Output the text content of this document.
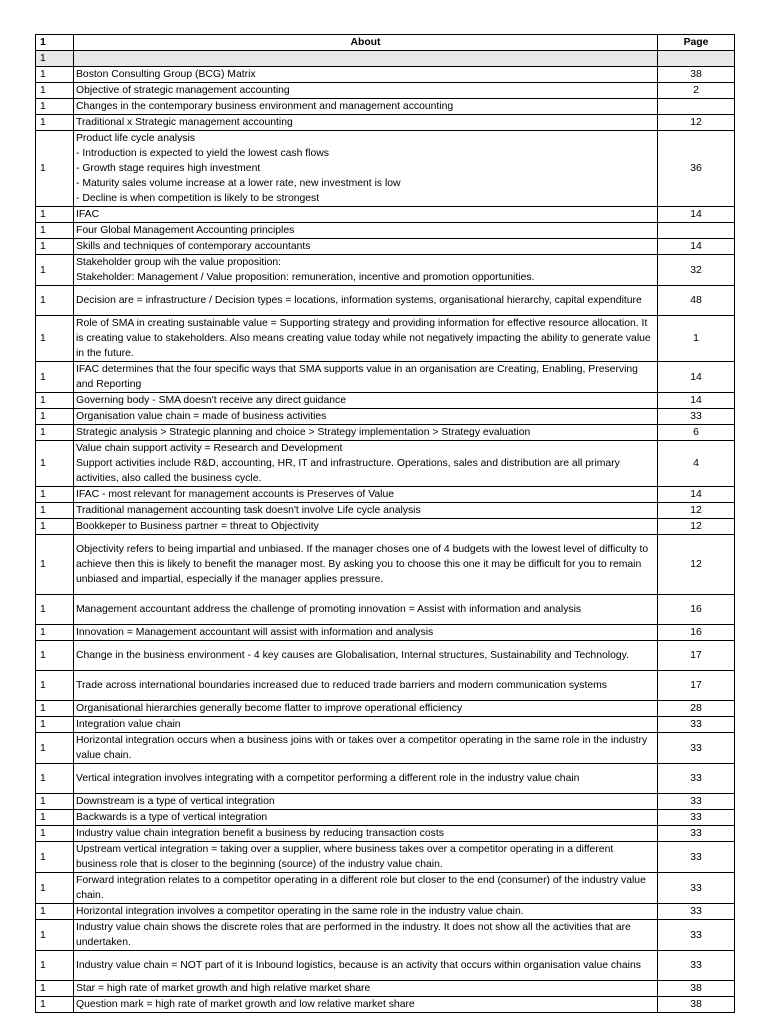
1	About	Page
1		
1	Boston Consulting Group (BCG) Matrix	38
1	Objective of strategic management accounting	2
1	Changes in the contemporary business environment and management accounting	
1	Traditional x Strategic management accounting	12
1	Product life cycle analysis
- Introduction is expected to yield the lowest cash flows
- Growth stage requires high investment
- Maturity sales volume increase at a lower rate, new investment is low
- Decline is when competition is likely to be strongest	36
1	IFAC	14
1	Four Global Management Accounting principles	
1	Skills and techniques of contemporary accountants	14
1	Stakeholder group wih the value proposition:
Stakeholder: Management / Value proposition: remuneration, incentive and promotion opportunities.	32
1	Decision are = infrastructure / Decision types = locations, information systems, organisational hierarchy, capital expenditure	48
1	Role of SMA in creating sustainable value = Supporting strategy and providing information for effective resource allocation. It is creating value to stakeholders. Also means creating value today while not negatively impacting the ability to generate value in the future.	1
1	IFAC determines that the four specific ways that SMA supports value in an organisation are Creating, Enabling, Preserving and Reporting	14
1	Governing body - SMA doesn't receive any direct guidance	14
1	Organisation value chain = made of business activities	33
1	Strategic analysis > Strategic planning and choice > Strategy implementation > Strategy evaluation	6
1	Value chain support activity = Research and Development
Support activities include R&D, accounting, HR, IT and infrastructure. Operations, sales and distribution are all primary activities, also called the business cycle.	4
1	IFAC - most relevant for management accounts is Preserves of Value	14
1	Traditional management accounting task doesn't involve Life cycle analysis	12
1	Bookkeper to Business partner = threat to Objectivity	12
1	Objectivity refers to being impartial and unbiased. If the manager choses one of 4 budgets with the lowest level of difficulty to achieve then this is likely to benefit the manager most. By asking you to choose this one it may be difficult for you to remain unbiased and impartial, especially if the manager applies pressure.	12
1	Management accountant address the challenge of promoting innovation = Assist with information and analysis	16
1	Innovation = Management accountant will assist with information and analysis	16
1	Change in the business environment - 4 key causes are Globalisation, Internal structures, Sustainability and Technology.	17
1	Trade across international boundaries increased due to reduced trade barriers and modern communication systems	17
1	Organisational hierarchies generally become flatter to improve operational efficiency	28
1	Integration value chain	33
1	Horizontal integration occurs when a business joins with or takes over a competitor operating in the same role in the industry value chain.	33
1	Vertical integration involves integrating with a competitor performing a different role in the industry value chain	33
1	Downstream is a type of vertical integration	33
1	Backwards is a type of vertical integration	33
1	Industry value chain integration benefit a business by reducing transaction costs	33
1	Upstream vertical integration = taking over a supplier, where business takes over a competitor operating in a different business role that is closer to the beginning (source) of the industry value chain.	33
1	Forward integration relates to a competitor operating in a different role but closer to the end (consumer) of the industry value chain.	33
1	Horizontal integration involves a competitor operating in the same role in the industry value chain.	33
1	Industry value chain shows the discrete roles that are performed in the industry. It does not show all the activities that are undertaken.	33
1	Industry value chain = NOT part of it is Inbound logistics, because is an activity that occurs within organisation value chains	33
1	Star = high rate of market growth and high relative market share	38
1	Question mark = high rate of market growth and low relative market share	38
